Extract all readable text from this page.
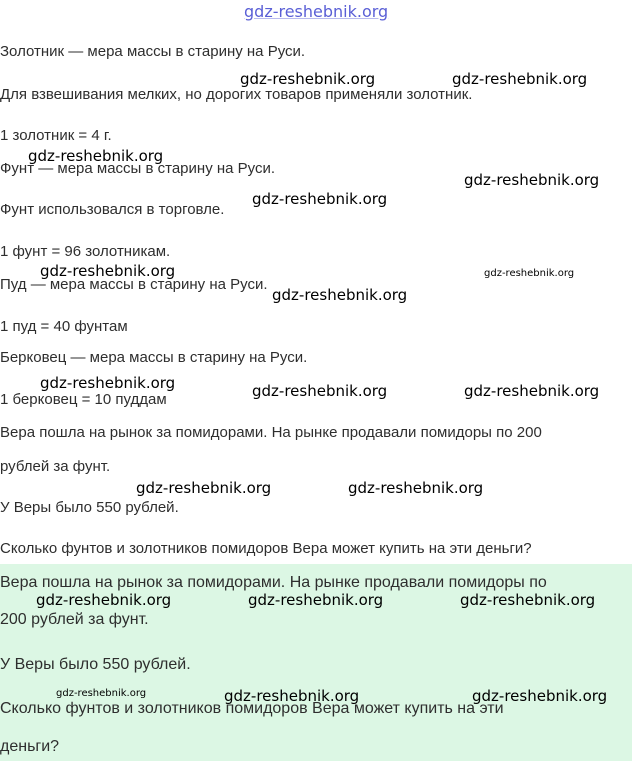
gdz-reshebnik.org
Золотник — мера массы в старину на Руси.
Для взвешивания мелких, но дорогих товаров применяли золотник.
1 золотник = 4 г.
Фунт — мера массы в старину на Руси.
Фунт использовался в торговле.
1 фунт = 96 золотникам.
Пуд — мера массы в старину на Руси.
1 пуд = 40 фунтам
Берковец — мера массы в старину на Руси.
1 берковец = 10 пуддам
Вера пошла на рынок за помидорами. На рынке продавали помидоры по 200
рублей за фунт.
У Веры было 550 рублей.
Сколько фунтов и золотников помидоров Вера может купить на эти деньги?
Вера пошла на рынок за помидорами. На рынке продавали помидоры по
200 рублей за фунт.
У Веры было 550 рублей.
Сколько фунтов и золотников помидоров Вера может купить на эти
деньги?
gdz-reshebnik.org	gdz-reshebnik.org
gdz-reshebnik.org
gdz-reshebnik.org
gdz-reshebnik.org
gdz-reshebnik.org	gdz-reshebnik.org
gdz-reshebnik.org
gdz-reshebnik.org	gdz-reshebnik.org	gdz-reshebnik.org
gdz-reshebnik.org	gdz-reshebnik.org
gdz-reshebnik.org	gdz-reshebnik.org	gdz-reshebnik.org
gdz-reshebnik.org	gdz-reshebnik.org	gdz-reshebnik.org
